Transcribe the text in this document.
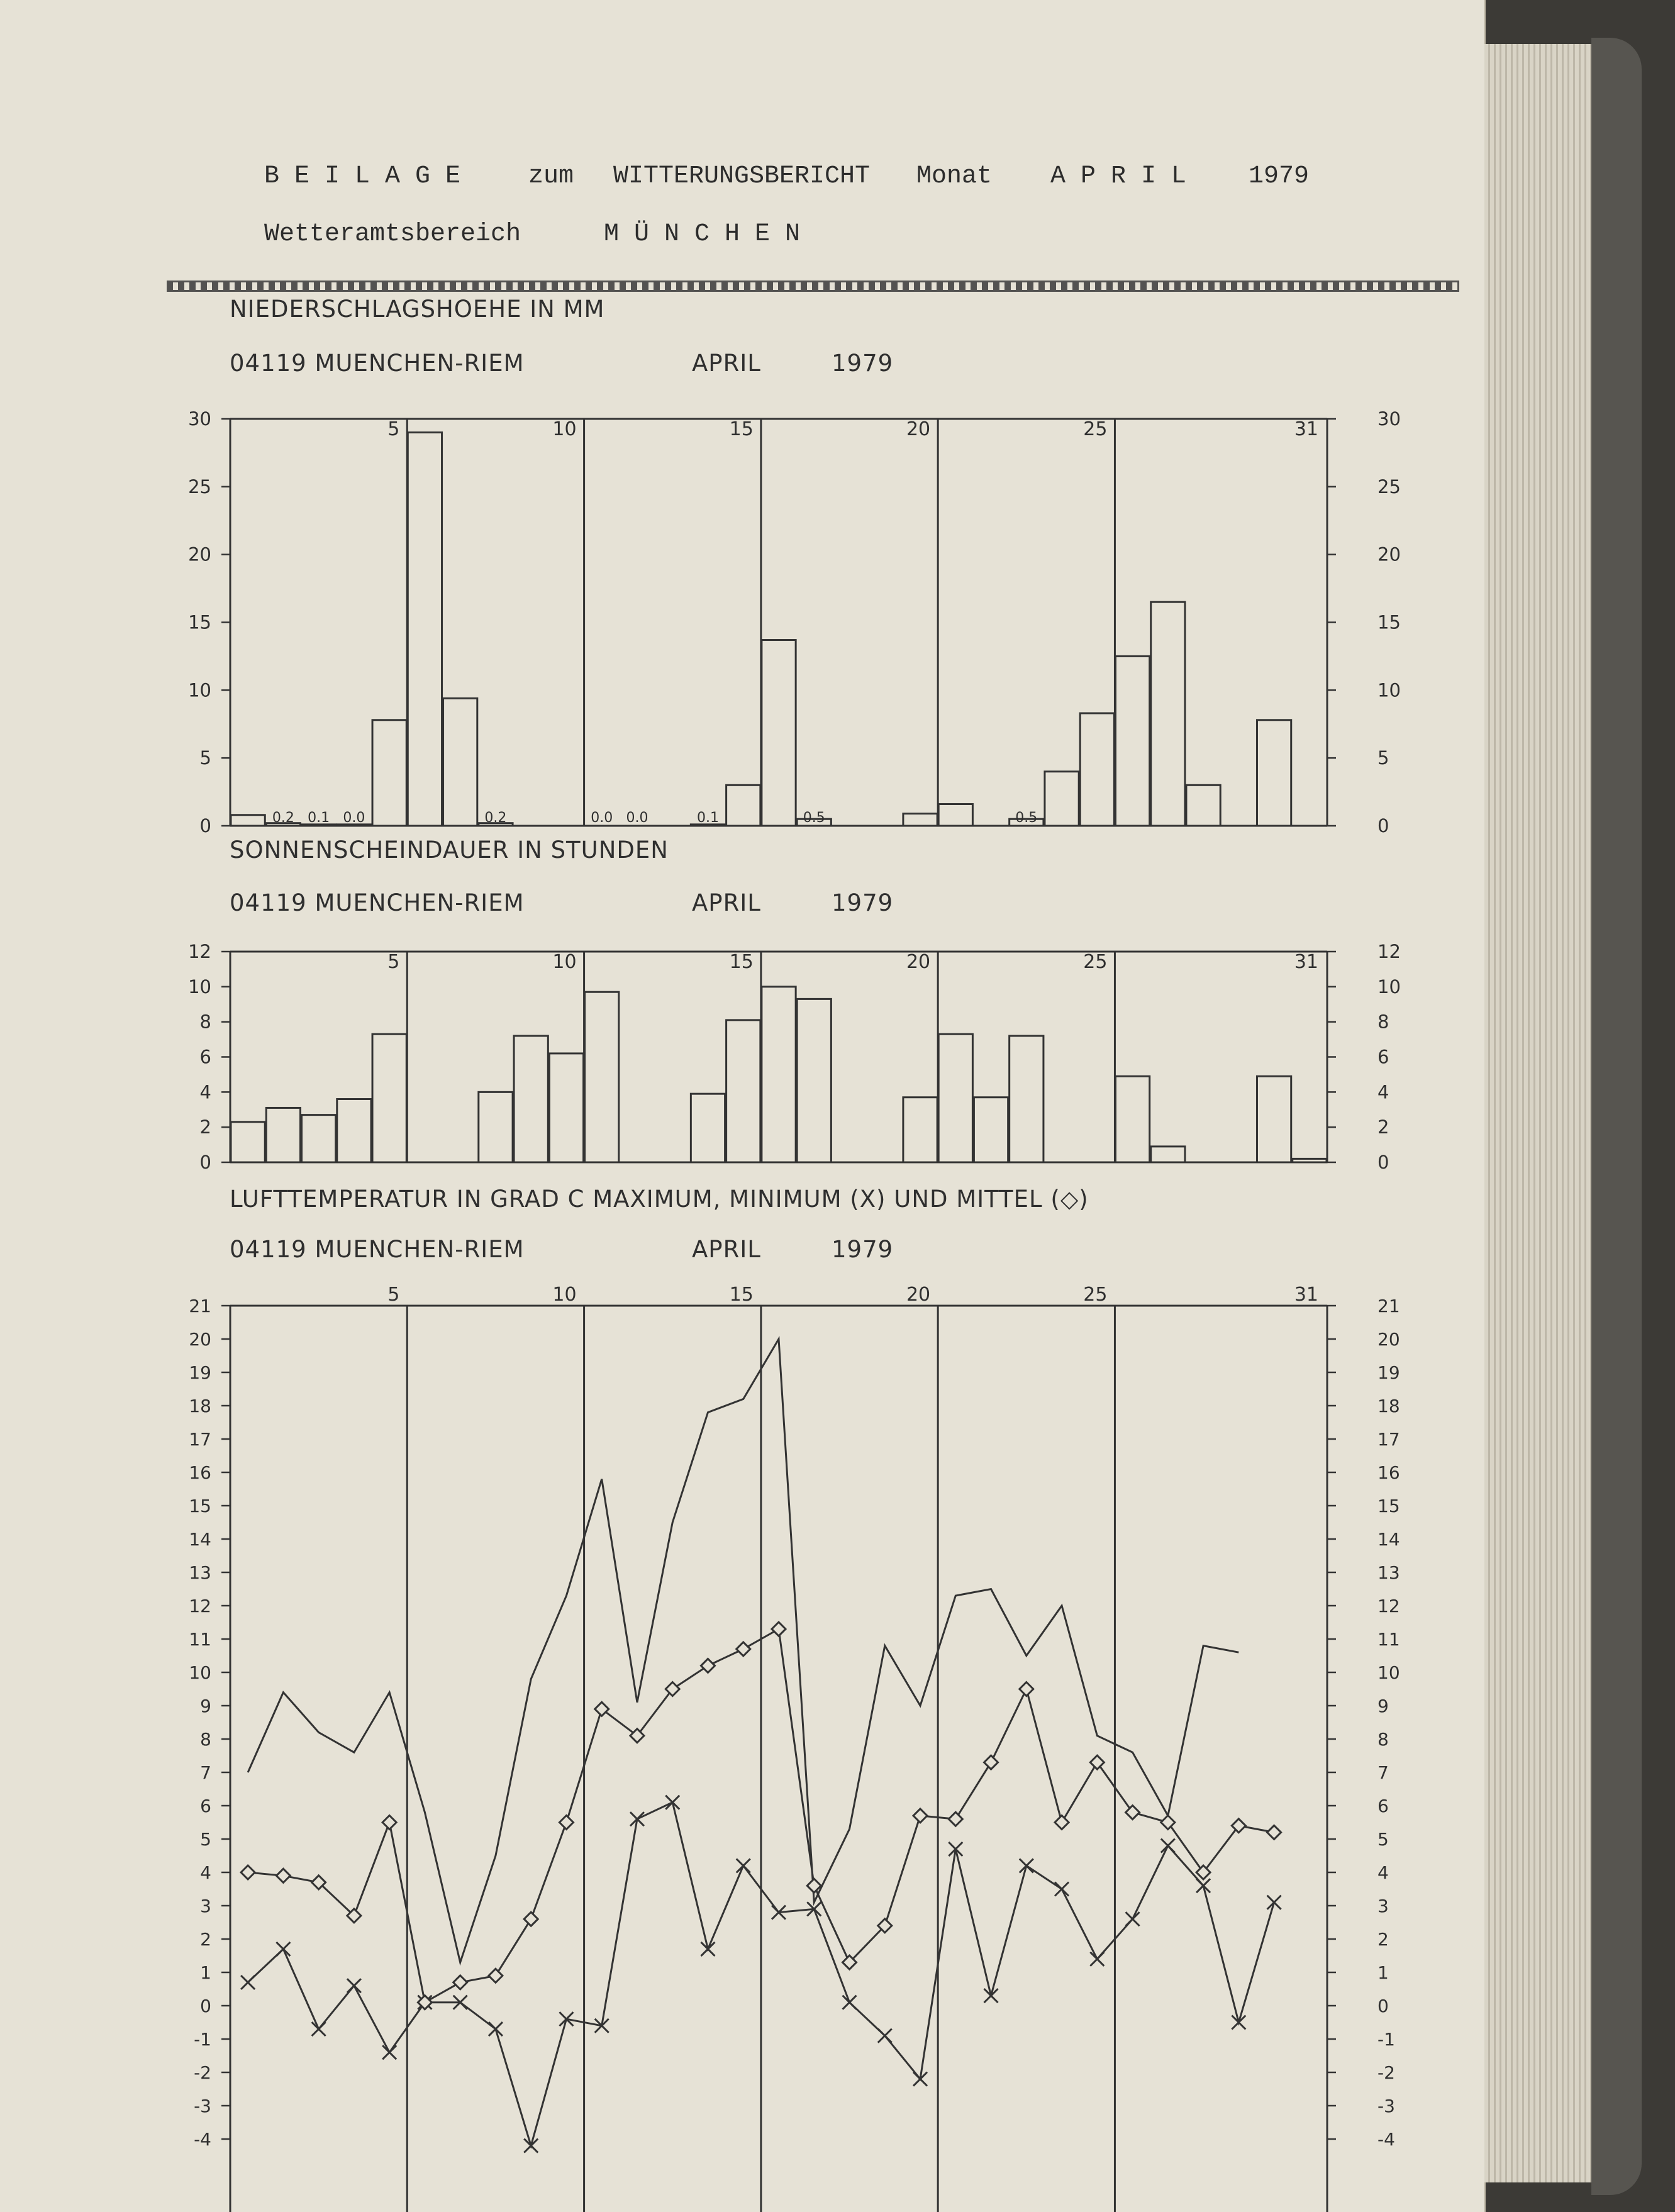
B E I L A G E	zum WITTERUNGSBERICHT Monat A P R I L 1979
Wetteramtsbereich	M Ü N C H E N
NIEDERSCHLAGSHOEHE IN MM
04119 MUENCHEN-RIEM	APRIL	1979
SONNENSCHEINDAUER IN STUNDEN
04119 MUENCHEN-RIEM	APRIL	1979
LUFTTEMPERATUR IN GRAD C MAXIMUM, MINIMUM (X) UND MITTEL (◇)
04119 MUENCHEN-RIEM	APRIL	1979
5	10	15	20	25	31
0	0
5	5
10	10
15	15
20	20
25	25
30	30
0.2 0.1 0.0	0.2	0.0 0.0	0.1	0.5	0.5
5	10	15	20	25	31
0	0
2	2
4	4
6	6
8	8
10	10
12	12
5	10	15	20	25	31
-4	-4
-3	-3
-2	-2
-1	-1
0	0
1	1
2	2
3	3
4	4
5	5
6	6
7	7
8	8
9	9
10	10
11	11
12	12
13	13
14	14
15	15
16	16
17	17
18	18
19	19
20	20
21	21
